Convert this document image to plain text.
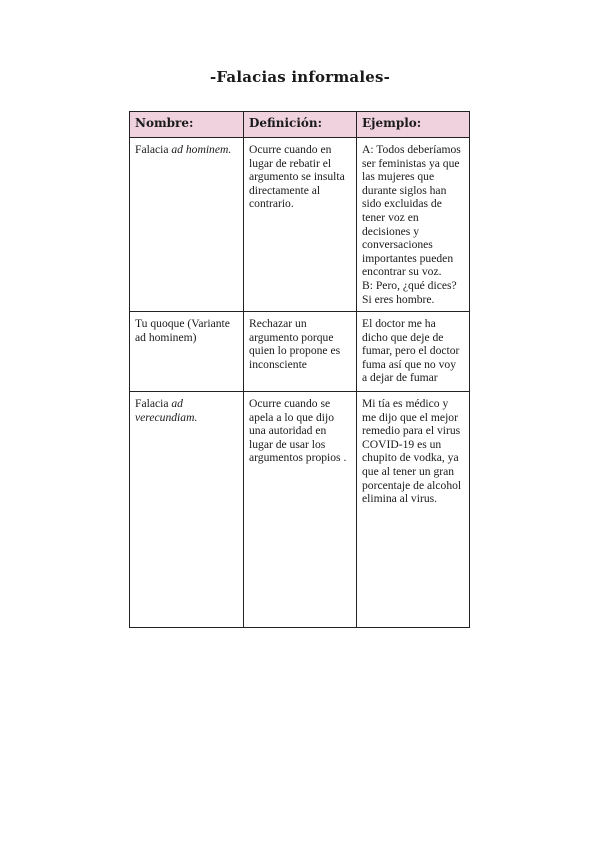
-Falacias informales-
Nombre:	Definición:	Ejemplo:
Falacia ad hominem.	Ocurre cuando en lugar de rebatir el argumento se insulta directamente al contrario.	A: Todos deberíamos ser feministas ya que las mujeres que durante siglos han sido excluidas de tener voz en decisiones y conversaciones importantes pueden encontrar su voz.
B: Pero, ¿qué dices? Si eres hombre.

Tu quoque (Variante ad hominem)	Rechazar un argumento porque quien lo propone es inconsciente	El doctor me ha dicho que deje de fumar, pero el doctor fuma así que no voy a dejar de fumar

Falacia ad verecundiam.	Ocurre cuando se apela a lo que dijo una autoridad en lugar de usar los argumentos propios .	Mi tía es médico y me dijo que el mejor remedio para el virus COVID-19 es un chupito de vodka, ya que al tener un gran porcentaje de alcohol elimina al virus.
